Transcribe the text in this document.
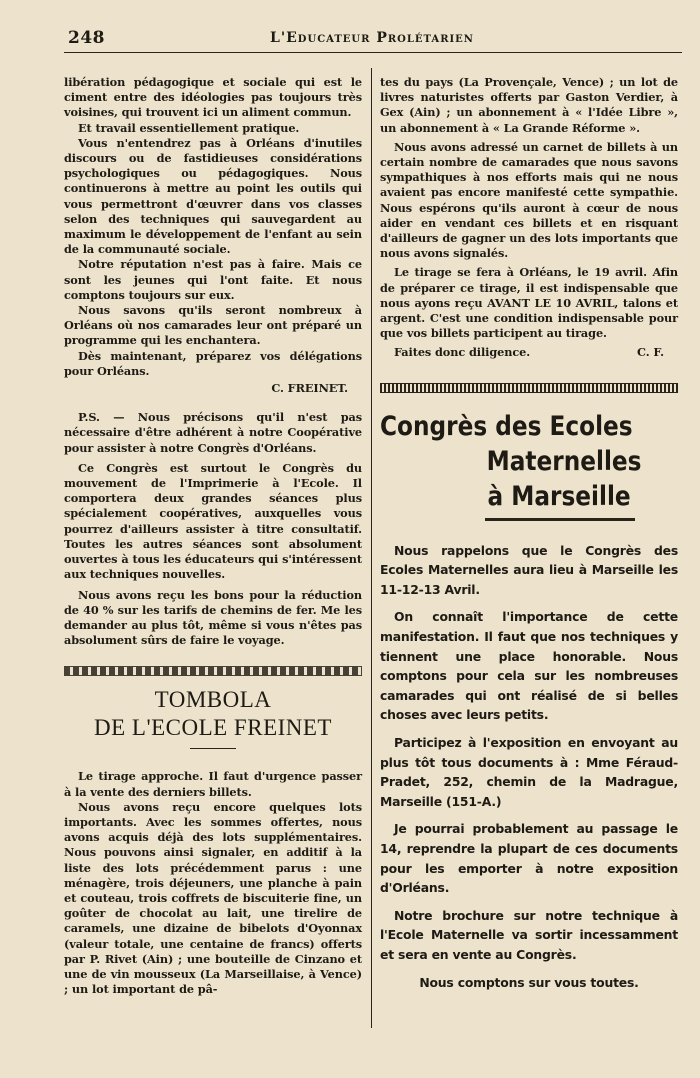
248	L'Educateur Prolétarien

libération pédagogique et sociale qui est le ciment entre des idéologies pas toujours très voisines, qui trouvent ici un aliment commun.

Et travail essentiellement pratique.

Vous n'entendrez pas à Orléans d'inutiles discours ou de fastidieuses considérations psychologiques ou pédagogiques. Nous continuerons à mettre au point les outils qui vous permettront d'œuvrer dans vos classes selon des techniques qui sauvegardent au maximum le développement de l'enfant au sein de la communauté sociale.

Notre réputation n'est pas à faire. Mais ce sont les jeunes qui l'ont faite. Et nous comptons toujours sur eux.

Nous savons qu'ils seront nombreux à Orléans où nos camarades leur ont préparé un programme qui les enchantera.

Dès maintenant, préparez vos délégations pour Orléans.

C. FREINET.

P.S. — Nous précisons qu'il n'est pas nécessaire d'être adhérent à notre Coopérative pour assister à notre Congrès d'Orléans.

Ce Congrès est surtout le Congrès du mouvement de l'Imprimerie à l'Ecole. Il comportera deux grandes séances plus spécialement coopératives, auxquelles vous pourrez d'ailleurs assister à titre consultatif. Toutes les autres séances sont absolument ouvertes à tous les éducateurs qui s'intéressent aux techniques nouvelles.

Nous avons reçu les bons pour la réduction de 40 % sur les tarifs de chemins de fer. Me les demander au plus tôt, même si vous n'êtes pas absolument sûrs de faire le voyage.

TOMBOLA
DE L'ECOLE FREINET

Le tirage approche. Il faut d'urgence passer à la vente des derniers billets.

Nous avons reçu encore quelques lots importants. Avec les sommes offertes, nous avons acquis déjà des lots supplémentaires. Nous pouvons ainsi signaler, en additif à la liste des lots précédemment parus : une ménagère, trois déjeuners, une planche à pain et couteau, trois coffrets de biscuiterie fine, un goûter de chocolat au lait, une tirelire de caramels, une dizaine de bibelots d'Oyonnax (valeur totale, une centaine de francs) offerts par P. Rivet (Ain) ; une bouteille de Cinzano et une de vin mousseux (La Marseillaise, à Vence) ; un lot important de pâ-

tes du pays (La Provençale, Vence) ; un lot de livres naturistes offerts par Gaston Verdier, à Gex (Ain) ; un abonnement à « l'Idée Libre », un abonnement à « La Grande Réforme ».

Nous avons adressé un carnet de billets à un certain nombre de camarades que nous savons sympathiques à nos efforts mais qui ne nous avaient pas encore manifesté cette sympathie. Nous espérons qu'ils auront à cœur de nous aider en vendant ces billets et en risquant d'ailleurs de gagner un des lots importants que nous avons signalés.

Le tirage se fera à Orléans, le 19 avril. Afin de préparer ce tirage, il est indispensable que nous ayons reçu AVANT LE 10 AVRIL, talons et argent. C'est une condition indispensable pour que vos billets participent au tirage.

Faites donc diligence.	C. F.

Congrès des Ecoles
Maternelles
à Marseille

Nous rappelons que le Congrès des Ecoles Maternelles aura lieu à Marseille les 11-12-13 Avril.

On connaît l'importance de cette manifestation. Il faut que nos techniques y tiennent une place honorable. Nous comptons pour cela sur les nombreuses camarades qui ont réalisé de si belles choses avec leurs petits.

Participez à l'exposition en envoyant au plus tôt tous documents à : Mme Féraud-Pradet, 252, chemin de la Madrague, Marseille (151-A.)

Je pourrai probablement au passage le 14, reprendre la plupart de ces documents pour les emporter à notre exposition d'Orléans.

Notre brochure sur notre technique à l'Ecole Maternelle va sortir incessamment et sera en vente au Congrès.

Nous comptons sur vous toutes.
